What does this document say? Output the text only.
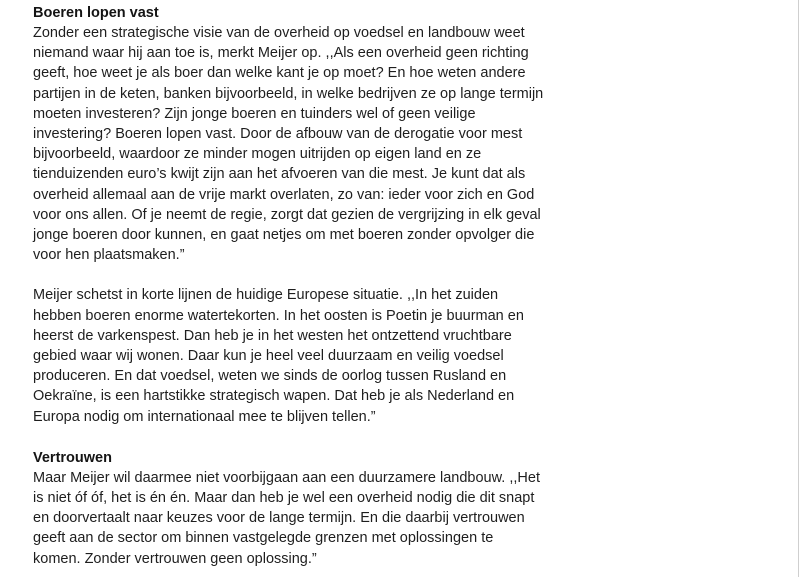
Boeren lopen vast
Zonder een strategische visie van de overheid op voedsel en landbouw weet
niemand waar hij aan toe is, merkt Meijer op. ,,Als een overheid geen richting
geeft, hoe weet je als boer dan welke kant je op moet? En hoe weten andere
partijen in de keten, banken bijvoorbeeld, in welke bedrijven ze op lange termijn
moeten investeren? Zijn jonge boeren en tuinders wel of geen veilige
investering? Boeren lopen vast. Door de afbouw van de derogatie voor mest
bijvoorbeeld, waardoor ze minder mogen uitrijden op eigen land en ze
tienduizenden euro’s kwijt zijn aan het afvoeren van die mest. Je kunt dat als
overheid allemaal aan de vrije markt overlaten, zo van: ieder voor zich en God
voor ons allen. Of je neemt de regie, zorgt dat gezien de vergrijzing in elk geval
jonge boeren door kunnen, en gaat netjes om met boeren zonder opvolger die
voor hen plaatsmaken.”
Meijer schetst in korte lijnen de huidige Europese situatie. ,,In het zuiden
hebben boeren enorme watertekorten. In het oosten is Poetin je buurman en
heerst de varkenspest. Dan heb je in het westen het ontzettend vruchtbare
gebied waar wij wonen. Daar kun je heel veel duurzaam en veilig voedsel
produceren. En dat voedsel, weten we sinds de oorlog tussen Rusland en
Oekraïne, is een hartstikke strategisch wapen. Dat heb je als Nederland en
Europa nodig om internationaal mee te blijven tellen.”
Vertrouwen
Maar Meijer wil daarmee niet voorbijgaan aan een duurzamere landbouw. ,,Het
is niet óf óf, het is én én. Maar dan heb je wel een overheid nodig die dit snapt
en doorvertaalt naar keuzes voor de lange termijn. En die daarbij vertrouwen
geeft aan de sector om binnen vastgelegde grenzen met oplossingen te
komen. Zonder vertrouwen geen oplossing.”
